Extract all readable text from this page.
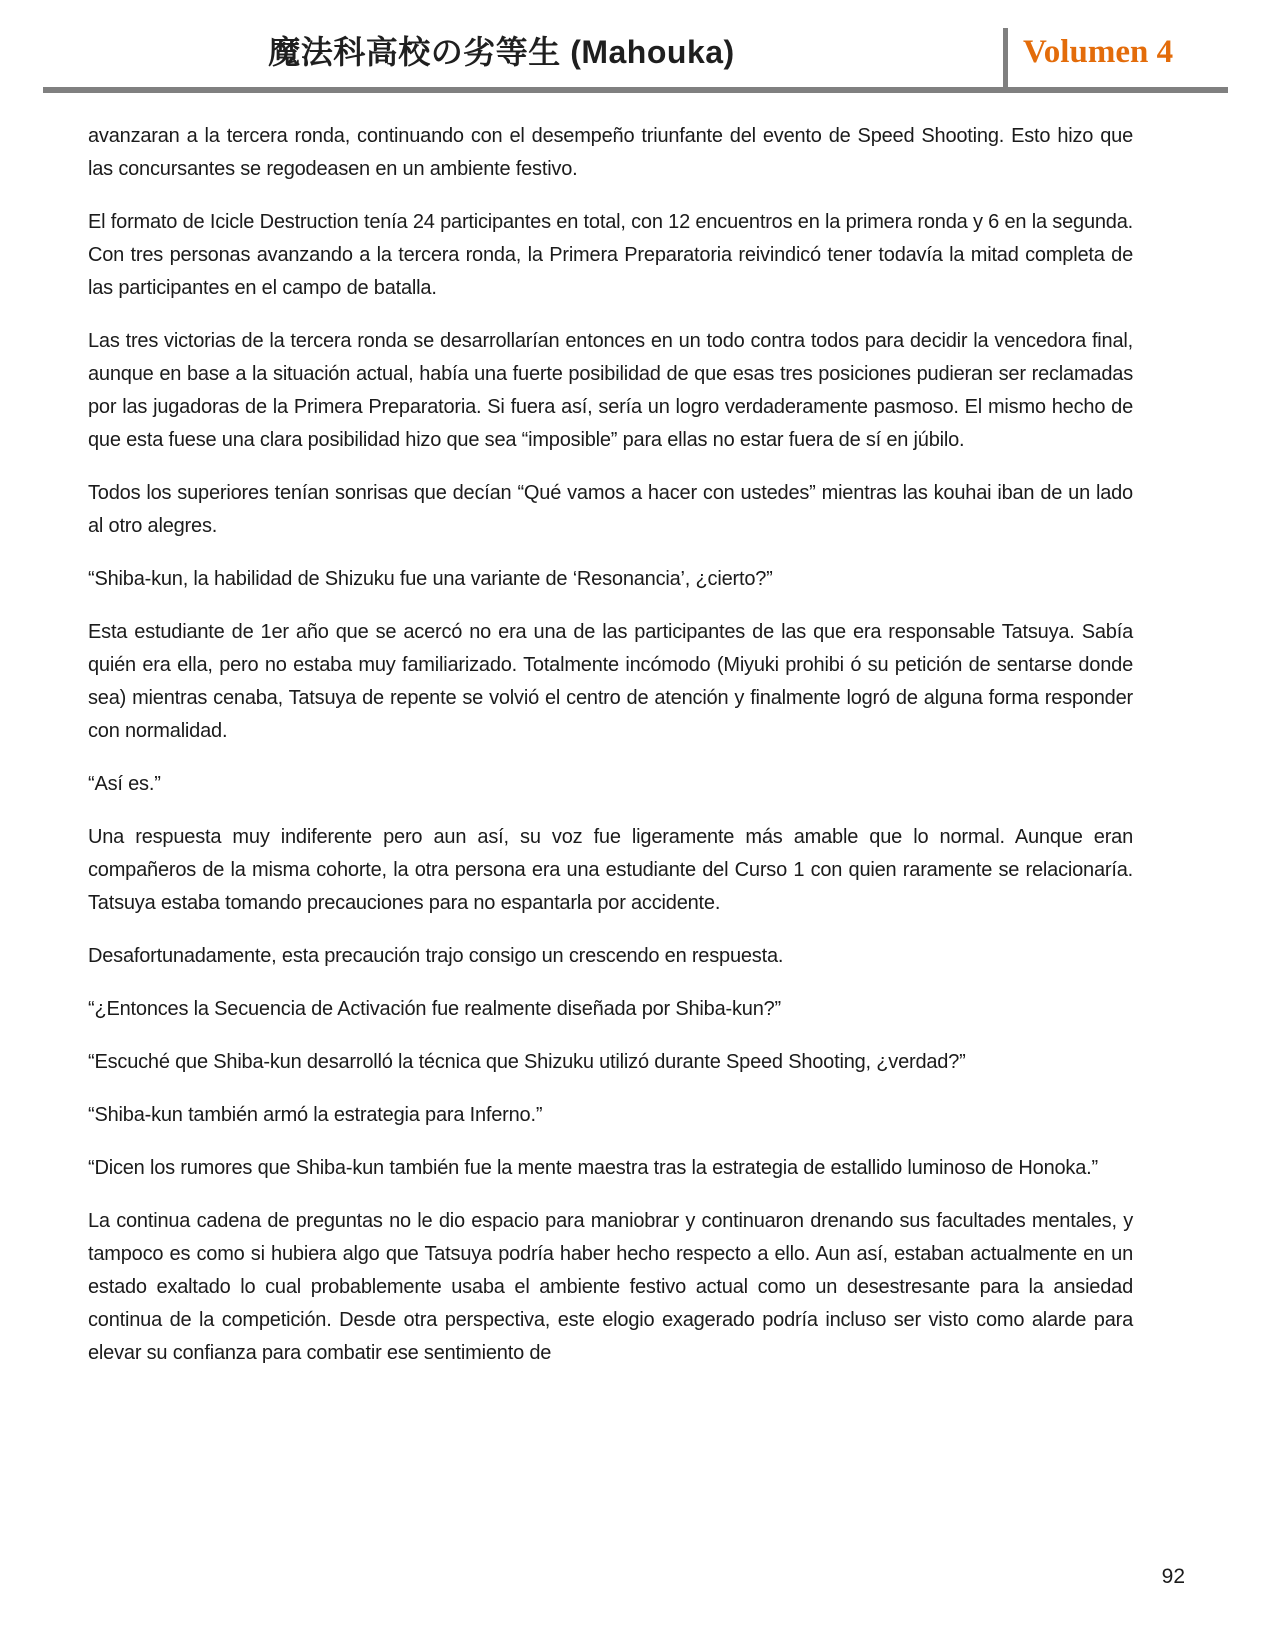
魔法科高校の劣等生 (Mahouka)	Volumen 4

avanzaran a la tercera ronda, continuando con el desempeño triunfante del evento de Speed Shooting. Esto hizo que las concursantes se regodeasen en un ambiente festivo.

El formato de Icicle Destruction tenía 24 participantes en total, con 12 encuentros en la primera ronda y 6 en la segunda. Con tres personas avanzando a la tercera ronda, la Primera Preparatoria reivindicó tener todavía la mitad completa de las participantes en el campo de batalla.

Las tres victorias de la tercera ronda se desarrollarían entonces en un todo contra todos para decidir la vencedora final, aunque en base a la situación actual, había una fuerte posibilidad de que esas tres posiciones pudieran ser reclamadas por las jugadoras de la Primera Preparatoria. Si fuera así, sería un logro verdaderamente pasmoso. El mismo hecho de que esta fuese una clara posibilidad hizo que sea “imposible” para ellas no estar fuera de sí en júbilo.

Todos los superiores tenían sonrisas que decían “Qué vamos a hacer con ustedes” mientras las kouhai iban de un lado al otro alegres.

“Shiba-kun, la habilidad de Shizuku fue una variante de ‘Resonancia’, ¿cierto?”

Esta estudiante de 1er año que se acercó no era una de las participantes de las que era responsable Tatsuya. Sabía quién era ella, pero no estaba muy familiarizado. Totalmente incómodo (Miyuki prohibi ó su petición de sentarse donde sea) mientras cenaba, Tatsuya de repente se volvió el centro de atención y finalmente logró de alguna forma responder con normalidad.

“Así es.”

Una respuesta muy indiferente pero aun así, su voz fue ligeramente más amable que lo normal. Aunque eran compañeros de la misma cohorte, la otra persona era una estudiante del Curso 1 con quien raramente se relacionaría. Tatsuya estaba tomando precauciones para no espantarla por accidente.

Desafortunadamente, esta precaución trajo consigo un crescendo en respuesta.

“¿Entonces la Secuencia de Activación fue realmente diseñada por Shiba-kun?”

“Escuché que Shiba-kun desarrolló la técnica que Shizuku utilizó durante Speed Shooting, ¿verdad?”

“Shiba-kun también armó la estrategia para Inferno.”

“Dicen los rumores que Shiba-kun también fue la mente maestra tras la estrategia de estallido luminoso de Honoka.”

La continua cadena de preguntas no le dio espacio para maniobrar y continuaron drenando sus facultades mentales, y tampoco es como si hubiera algo que Tatsuya podría haber hecho respecto a ello. Aun así, estaban actualmente en un estado exaltado lo cual probablemente usaba el ambiente festivo actual como un desestresante para la ansiedad continua de la competición. Desde otra perspectiva, este elogio exagerado podría incluso ser visto como alarde para elevar su confianza para combatir ese sentimiento de

92
